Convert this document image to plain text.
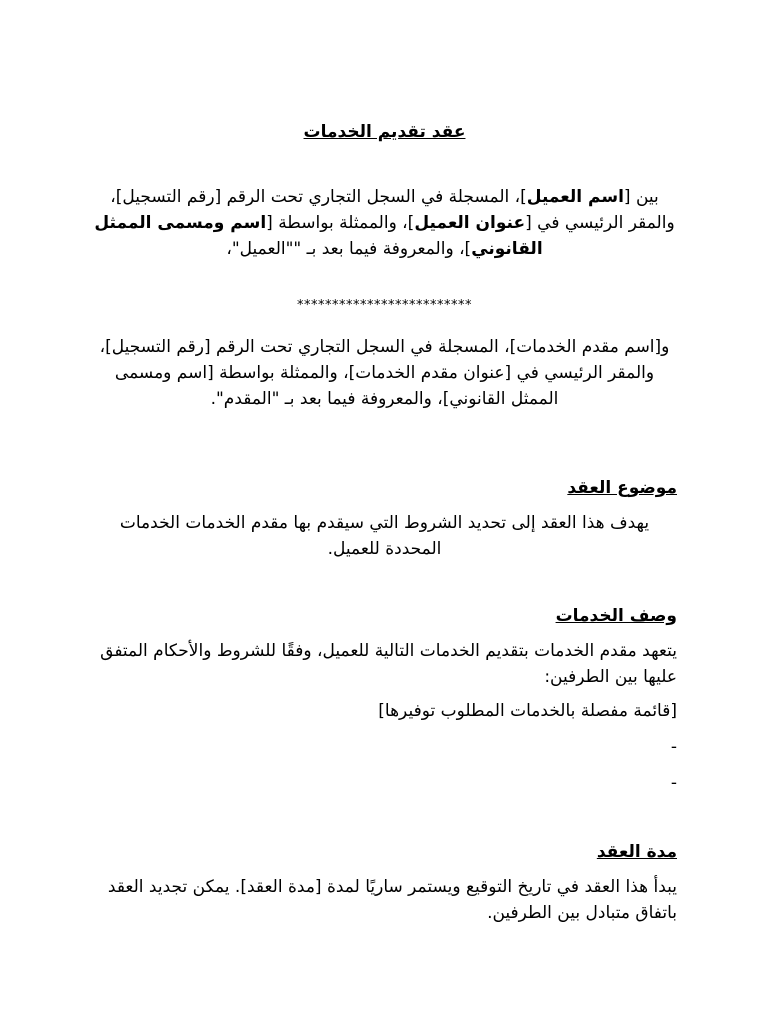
عقد تقديم الخدمات
بين [اسم العميل]، المسجلة في السجل التجاري تحت الرقم [رقم التسجيل]، والمقر الرئيسي في [عنوان العميل]، والممثلة بواسطة [اسم ومسمى الممثل القانوني]، والمعروفة فيما بعد بـ ""العميل"،
*************************
و[اسم مقدم الخدمات]، المسجلة في السجل التجاري تحت الرقم [رقم التسجيل]، والمقر الرئيسي في [عنوان مقدم الخدمات]، والممثلة بواسطة [اسم ومسمى الممثل القانوني]، والمعروفة فيما بعد بـ "المقدم".
موضوع العقد
يهدف هذا العقد إلى تحديد الشروط التي سيقدم بها مقدم الخدمات الخدمات المحددة للعميل.
وصف الخدمات
يتعهد مقدم الخدمات بتقديم الخدمات التالية للعميل، وفقًا للشروط والأحكام المتفق عليها بين الطرفين:
[قائمة مفصلة بالخدمات المطلوب توفيرها]
-
-
مدة العقد
يبدأ هذا العقد في تاريخ التوقيع ويستمر ساريًا لمدة [مدة العقد]. يمكن تجديد العقد باتفاق متبادل بين الطرفين.
